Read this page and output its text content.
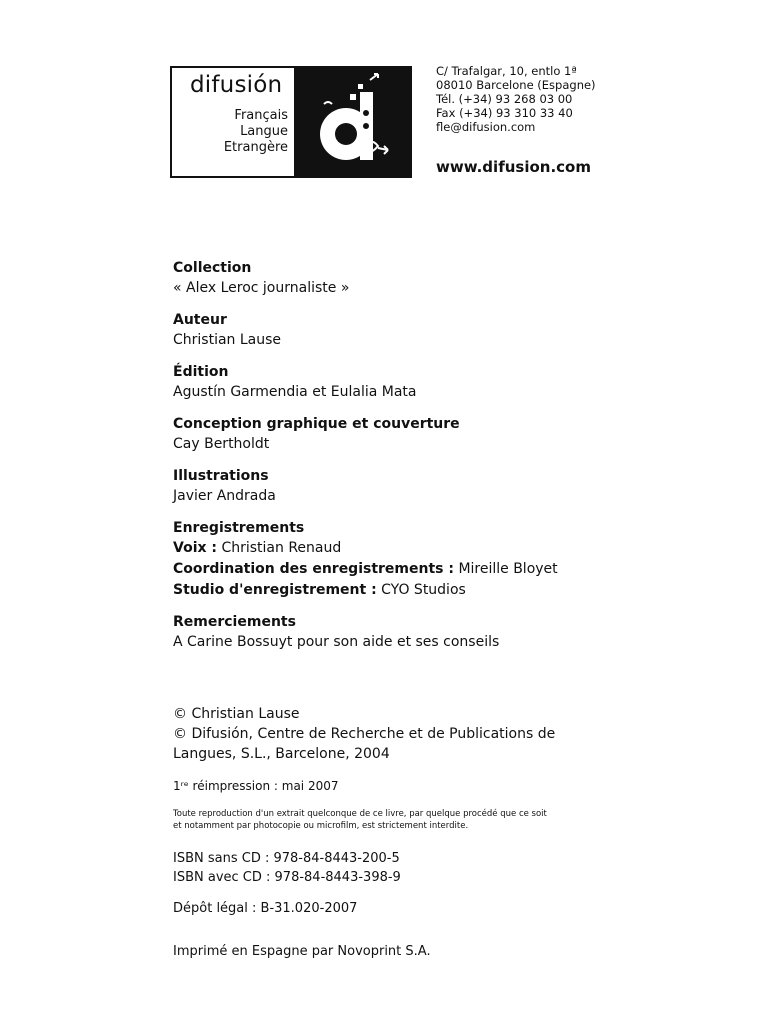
difusión
Français
Langue
Etrangère
C/ Trafalgar, 10, entlo 1ª
08010 Barcelone (Espagne)
Tél. (+34) 93 268 03 00
Fax (+34) 93 310 33 40
fle@difusion.com
www.difusion.com
Collection
« Alex Leroc journaliste »
Auteur
Christian Lause
Édition
Agustín Garmendia et Eulalia Mata
Conception graphique et couverture
Cay Bertholdt
Illustrations
Javier Andrada
Enregistrements
Voix : Christian Renaud
Coordination des enregistrements : Mireille Bloyet
Studio d'enregistrement : CYO Studios
Remerciements
A Carine Bossuyt pour son aide et ses conseils
© Christian Lause
© Difusión, Centre de Recherche et de Publications de
Langues, S.L., Barcelone, 2004
1ʳᵉ réimpression : mai 2007
Toute reproduction d'un extrait quelconque de ce livre, par quelque procédé que ce soit
et notamment par photocopie ou microfilm, est strictement interdite.
ISBN sans CD : 978-84-8443-200-5
ISBN avec CD : 978-84-8443-398-9
Dépôt légal : B-31.020-2007
Imprimé en Espagne par Novoprint S.A.
